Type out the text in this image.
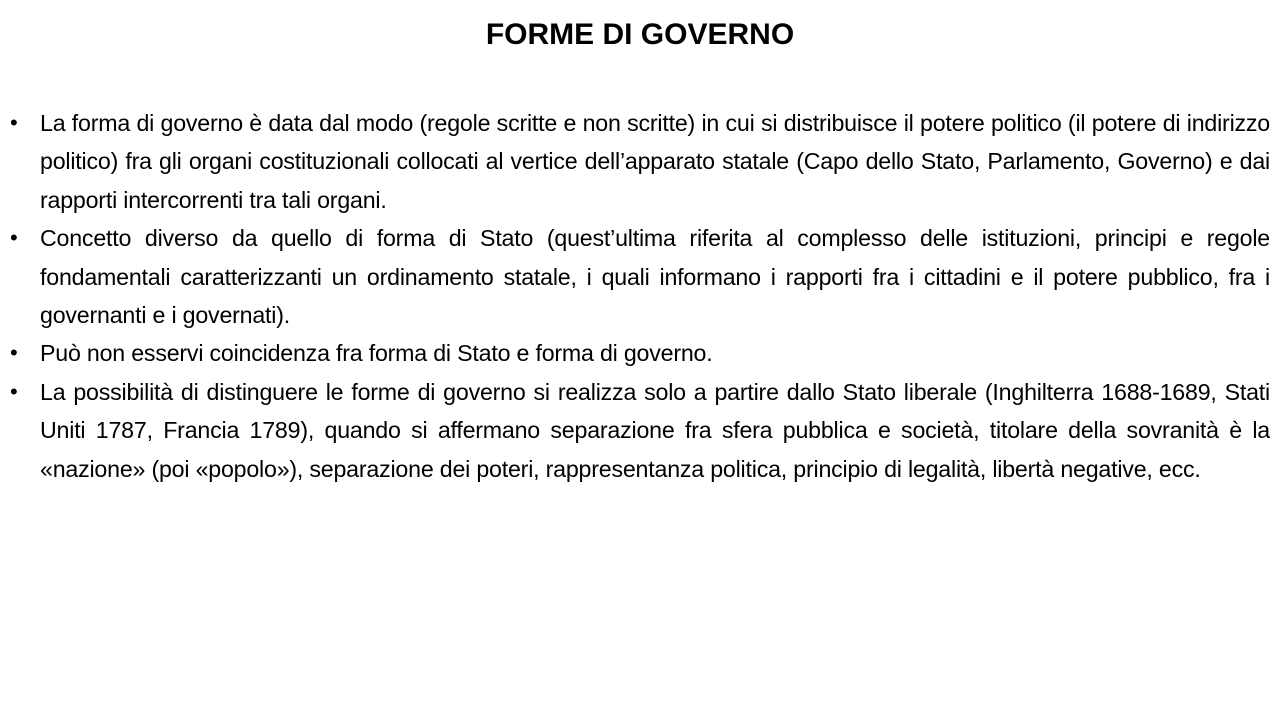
FORME DI GOVERNO
• La forma di governo è data dal modo (regole scritte e non scritte) in cui si distribuisce il potere politico (il potere di indirizzo politico) fra gli organi costituzionali collocati al vertice dell’apparato statale (Capo dello Stato, Parlamento, Governo) e dai rapporti intercorrenti tra tali organi.
• Concetto diverso da quello di forma di Stato (quest’ultima riferita al complesso delle istituzioni, principi e regole fondamentali caratterizzanti un ordinamento statale, i quali informano i rapporti fra i cittadini e il potere pubblico, fra i governanti e i governati).
• Può non esservi coincidenza fra forma di Stato e forma di governo.
• La possibilità di distinguere le forme di governo si realizza solo a partire dallo Stato liberale (Inghilterra 1688-1689, Stati Uniti 1787, Francia 1789), quando si affermano separazione fra sfera pubblica e società, titolare della sovranità è la «nazione» (poi «popolo»), separazione dei poteri, rappresentanza politica, principio di legalità, libertà negative, ecc.
